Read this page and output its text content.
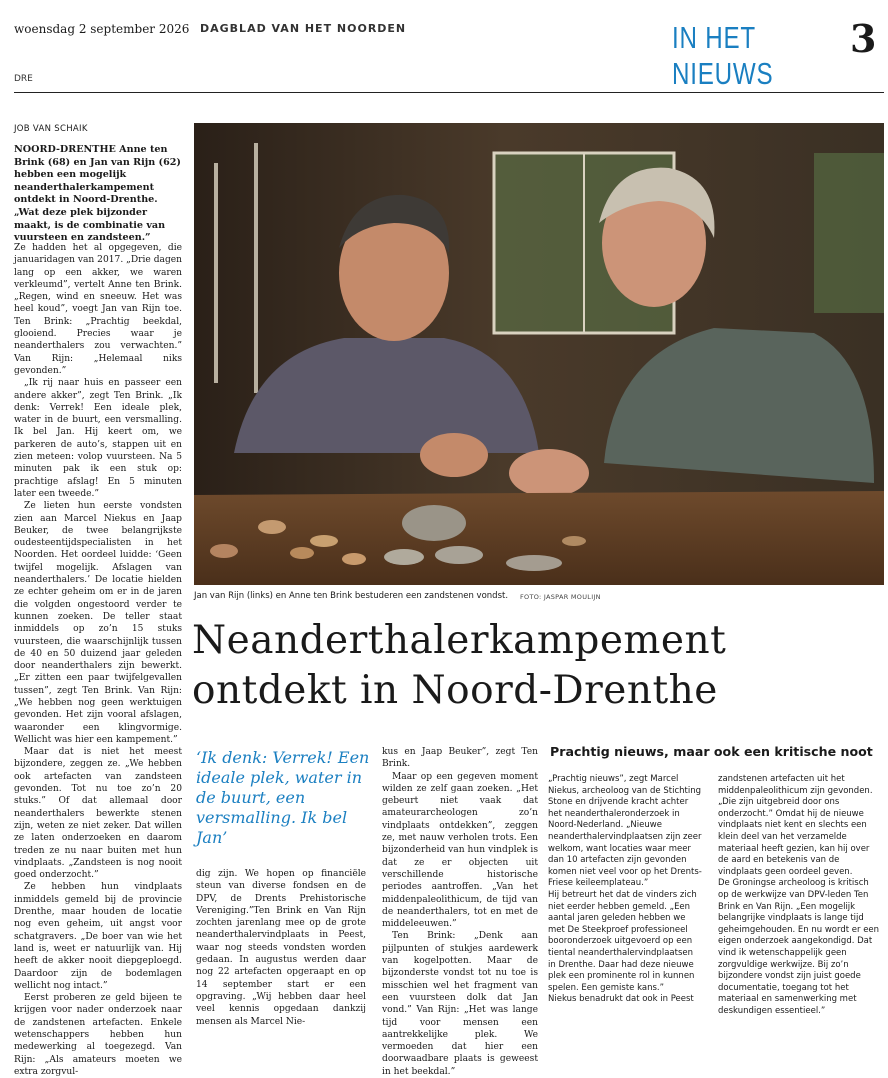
woensdag 2 september 2026 DAGBLAD VAN HET NOORDEN	IN HET NIEUWS
3
DRE
JOB VAN SCHAIK
NOORD-DRENTHE Anne ten Brink (68) en Jan van Rijn (62) hebben een mogelijk neanderthalerkampement ontdekt in Noord-Drenthe. „Wat deze plek bijzonder maakt, is de combinatie van vuursteen en zandsteen.”

Ze hadden het al opgegeven, die januaridagen van 2017. „Drie dagen lang op een akker, we waren verkleumd”, vertelt Anne ten Brink. „Regen, wind en sneeuw. Het was heel koud”, voegt Jan van Rijn toe. Ten Brink: „Prachtig beekdal, glooiend. Precies waar je neanderthalers zou verwachten.” Van Rijn: „Helemaal niks gevonden.”

„Ik rij naar huis en passeer een andere akker”, zegt Ten Brink. „Ik denk: Verrek! Een ideale plek, water in de buurt, een versmalling. Ik bel Jan. Hij keert om, we parkeren de auto’s, stappen uit en zien meteen: volop vuursteen. Na 5 minuten pak ik een stuk op: prachtige afslag! En 5 minuten later een tweede.”

Ze lieten hun eerste vondsten zien aan Marcel Niekus en Jaap Beuker, de twee belangrijkste oudesteentijdspecialisten in het Noorden. Het oordeel luidde: ‘Geen twijfel mogelijk. Afslagen van neanderthalers.’ De locatie hielden ze echter geheim om er in de jaren die volgden ongestoord verder te kunnen zoeken. De teller staat inmiddels op zo’n 15 stuks vuursteen, die waarschijnlijk tussen de 40 en 50 duizend jaar geleden door neanderthalers zijn bewerkt. „Er zitten een paar twijfelgevallen tussen”, zegt Ten Brink. Van Rijn: „We hebben nog geen werktuigen gevonden. Het zijn vooral afslagen, waaronder een klingvormige. Wellicht was hier een kampement.”

Maar dat is niet het meest bijzondere, zeggen ze. „We hebben ook artefacten van zandsteen gevonden. Tot nu toe zo’n 20 stuks.” Of dat allemaal door neanderthalers bewerkte stenen zijn, weten ze niet zeker. Dat willen ze laten onderzoeken en daarom treden ze nu naar buiten met hun vindplaats. „Zandsteen is nog nooit goed onderzocht.”

Ze hebben hun vindplaats inmiddels gemeld bij de provincie Drenthe, maar houden de locatie nog even geheim, uit angst voor schatgravers. „De boer van wie het land is, weet er natuurlijk van. Hij heeft de akker nooit diepgeploegd. Daardoor zijn de bodemlagen wellicht nog intact.”

Eerst proberen ze geld bijeen te krijgen voor nader onderzoek naar de zandstenen artefacten. Enkele wetenschappers hebben hun medewerking al toegezegd. Van Rijn: „Als amateurs moeten we extra zorgvul-

Jan van Rijn (links) en Anne ten Brink bestuderen een zandstenen vondst. FOTO: JASPAR MOULIJN
Neanderthalerkampement
ontdekt in Noord-Drenthe
‘Ik denk: Verrek! Een ideale plek, water in de buurt, een versmalling. Ik bel Jan’

dig zijn. We hopen op financiële steun van diverse fondsen en de DPV, de Drents Prehistorische Vereniging.”Ten Brink en Van Rijn zochten jarenlang mee op de grote neanderthalervindplaats in Peest, waar nog steeds vondsten worden gedaan. In augustus werden daar nog 22 artefacten opgeraapt en op 14 september start er een opgraving. „Wij hebben daar heel veel kennis opgedaan dankzij mensen als Marcel Nie-

kus en Jaap Beuker”, zegt Ten Brink.

Maar op een gegeven moment wilden ze zelf gaan zoeken. „Het gebeurt niet vaak dat amateurarcheologen zo’n vindplaats ontdekken”, zeggen ze, met nauw verholen trots. Een bijzonderheid van hun vindplek is dat ze er objecten uit verschillende historische periodes aantroffen. „Van het middenpaleolithicum, de tijd van de neanderthalers, tot en met de middeleeuwen.”

Ten Brink: „Denk aan pijlpunten of stukjes aardewerk van kogelpotten. Maar de bijzonderste vondst tot nu toe is misschien wel het fragment van een vuursteen dolk dat Jan vond.” Van Rijn: „Het was lange tijd voor mensen een aantrekkelijke plek. We vermoeden dat hier een doorwaadbare plaats is geweest in het beekdal.”

Prachtig nieuws, maar ook een kritische noot

„Prachtig nieuws”, zegt Marcel Niekus, archeoloog van de Stichting Stone en drijvende kracht achter het neanderthaleronderzoek in Noord-Nederland. „Nieuwe neanderthalervindplaatsen zijn zeer welkom, want locaties waar meer dan 10 artefacten zijn gevonden komen niet veel voor op het Drents-Friese keileemplateau.”

Hij betreurt het dat de vinders zich niet eerder hebben gemeld. „Een aantal jaren geleden hebben we met De Steekproef professioneel booronderzoek uitgevoerd op een tiental neanderthalervindplaatsen in Drenthe. Daar had deze nieuwe plek een prominente rol in kunnen spelen. Een gemiste kans.”

Niekus benadrukt dat ook in Peest

zandstenen artefacten uit het middenpaleolithicum zijn gevonden. „Die zijn uitgebreid door ons onderzocht.” Omdat hij de nieuwe vindplaats niet kent en slechts een klein deel van het verzamelde materiaal heeft gezien, kan hij over de aard en betekenis van de vindplaats geen oordeel geven.

De Groningse archeoloog is kritisch op de werkwijze van DPV-leden Ten Brink en Van Rijn. „Een mogelijk belangrijke vindplaats is lange tijd geheimgehouden. En nu wordt er een eigen onderzoek aangekondigd. Dat vind ik wetenschappelijk geen zorgvuldige werkwijze. Bij zo’n bijzondere vondst zijn juist goede documentatie, toegang tot het materiaal en samenwerking met deskundigen essentieel.”
